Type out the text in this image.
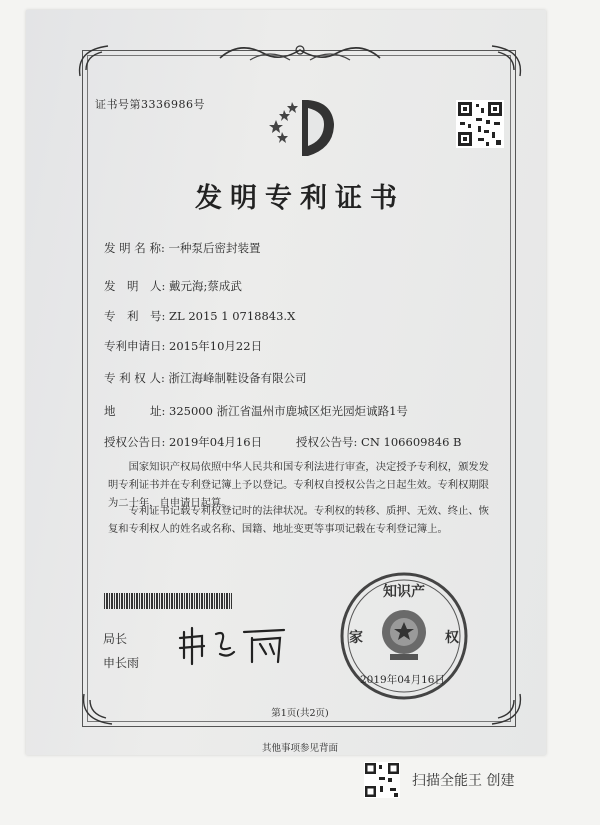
证书号第3336986号
发明专利证书
发 明 名 称: 一种泵后密封装置
发　明　人: 戴元海;蔡成武
专　利　号: ZL 2015 1 0718843.X
专利申请日: 2015年10月22日
专 利 权 人: 浙江海峰制鞋设备有限公司
地　　　址: 325000 浙江省温州市鹿城区炬光园炬诚路1号
授权公告日: 2019年04月16日	授权公告号: CN 106609846 B
国家知识产权局依照中华人民共和国专利法进行审查，决定授予专利权，颁发发明专利证书并在专利登记簿上予以登记。专利权自授权公告之日起生效。专利权期限为二十年，自申请日起算。
专利证书记载专利权登记时的法律状况。专利权的转移、质押、无效、终止、恢复和专利权人的姓名或名称、国籍、地址变更等事项记载在专利登记簿上。
局长
申长雨
知识产
家	权
2019年04月16日
第1页(共2页)
其他事项参见背面
扫描全能王 创建
